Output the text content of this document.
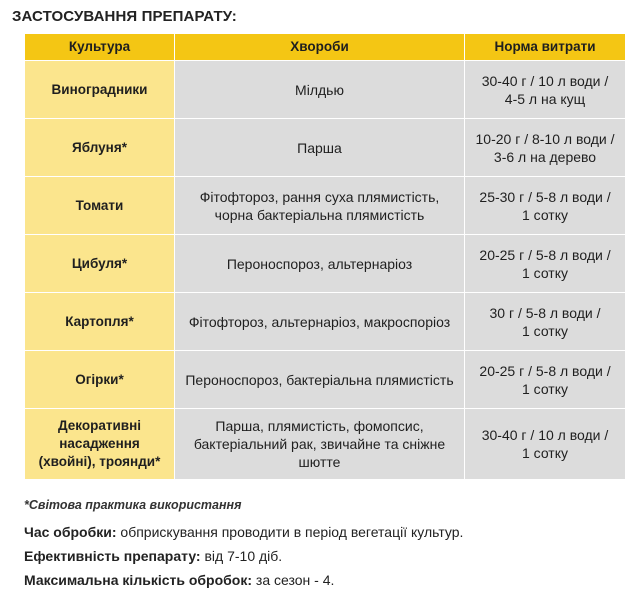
ЗАСТОСУВАННЯ ПРЕПАРАТУ:
Культура	Хвороби	Норма витрати
Виноградники	Мілдью	30-40 г / 10 л води /
4-5 л на кущ
Яблуня*	Парша	10-20 г / 8-10 л води /
3-6 л на дерево
Томати	Фітофтороз, рання суха плямистість,
чорна бактеріальна плямистість	25-30 г / 5-8 л води /
1 сотку
Цибуля*	Пероноспороз, альтернаріоз	20-25 г / 5-8 л води /
1 сотку
Картопля*	Фітофтороз, альтернаріоз, макроспоріоз	30 г / 5-8 л води /
1 сотку
Огірки*	Пероноспороз, бактеріальна плямистість	20-25 г / 5-8 л води /
1 сотку
Декоративні
насадження
(хвойні), троянди*	Парша, плямистість, фомопсис,
бактеріальний рак, звичайне та сніжне шютте	30-40 г / 10 л води /
1 сотку
*Світова практика використання
Час обробки: обприскування проводити в період вегетації культур.
Ефективність препарату: від 7-10 діб.
Максимальна кількість обробок: за сезон - 4.
